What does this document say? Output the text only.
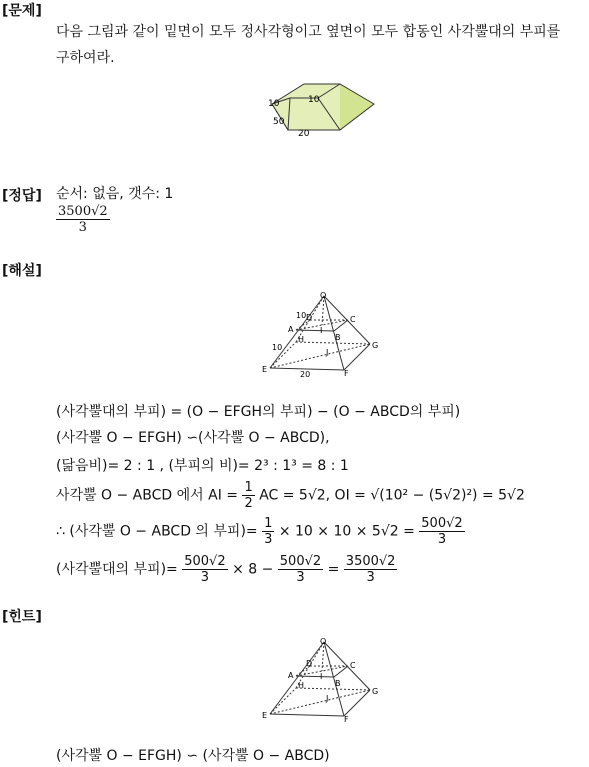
[문제]
다음 그림과 같이 밑면이 모두 정사각형이고 옆면이 모두 합동인 사각뿔대의 부피를
구하여라.
10	10
50
20
[정답] 순서: 없음, 갯수: 1
$\frac{3500√2}{3}$
[해설]
O
A
B
C
D
E	F
G
H
I
J
10
10
20
(사각뿔대의 부피) = (O − EFGH의 부피) − (O − ABCD의 부피)
(사각뿔 O − EFGH) ∽(사각뿔 O − ABCD),
(닮음비)= 2 : 1 , (부피의 비)= 2³ : 1³ = 8 : 1
사각뿔 O − ABCD 에서 AI = $\frac{1}{2}$ AC = 5√2, OI = √(10² − (5√2)²) = 5√2
∴ (사각뿔 O − ABCD 의 부피)= $\frac{1}{3} \times 10 \times 10 \times 5√2 = \frac{500√2}{3}$
(사각뿔대의 부피)= $\frac{500√2}{3} \times 8 - \frac{500√2}{3} = \frac{3500√2}{3}$
[힌트]
O
A
B
C
D
E	F
G
H
I
J
(사각뿔 O − EFGH) ∽ (사각뿔 O − ABCD)
